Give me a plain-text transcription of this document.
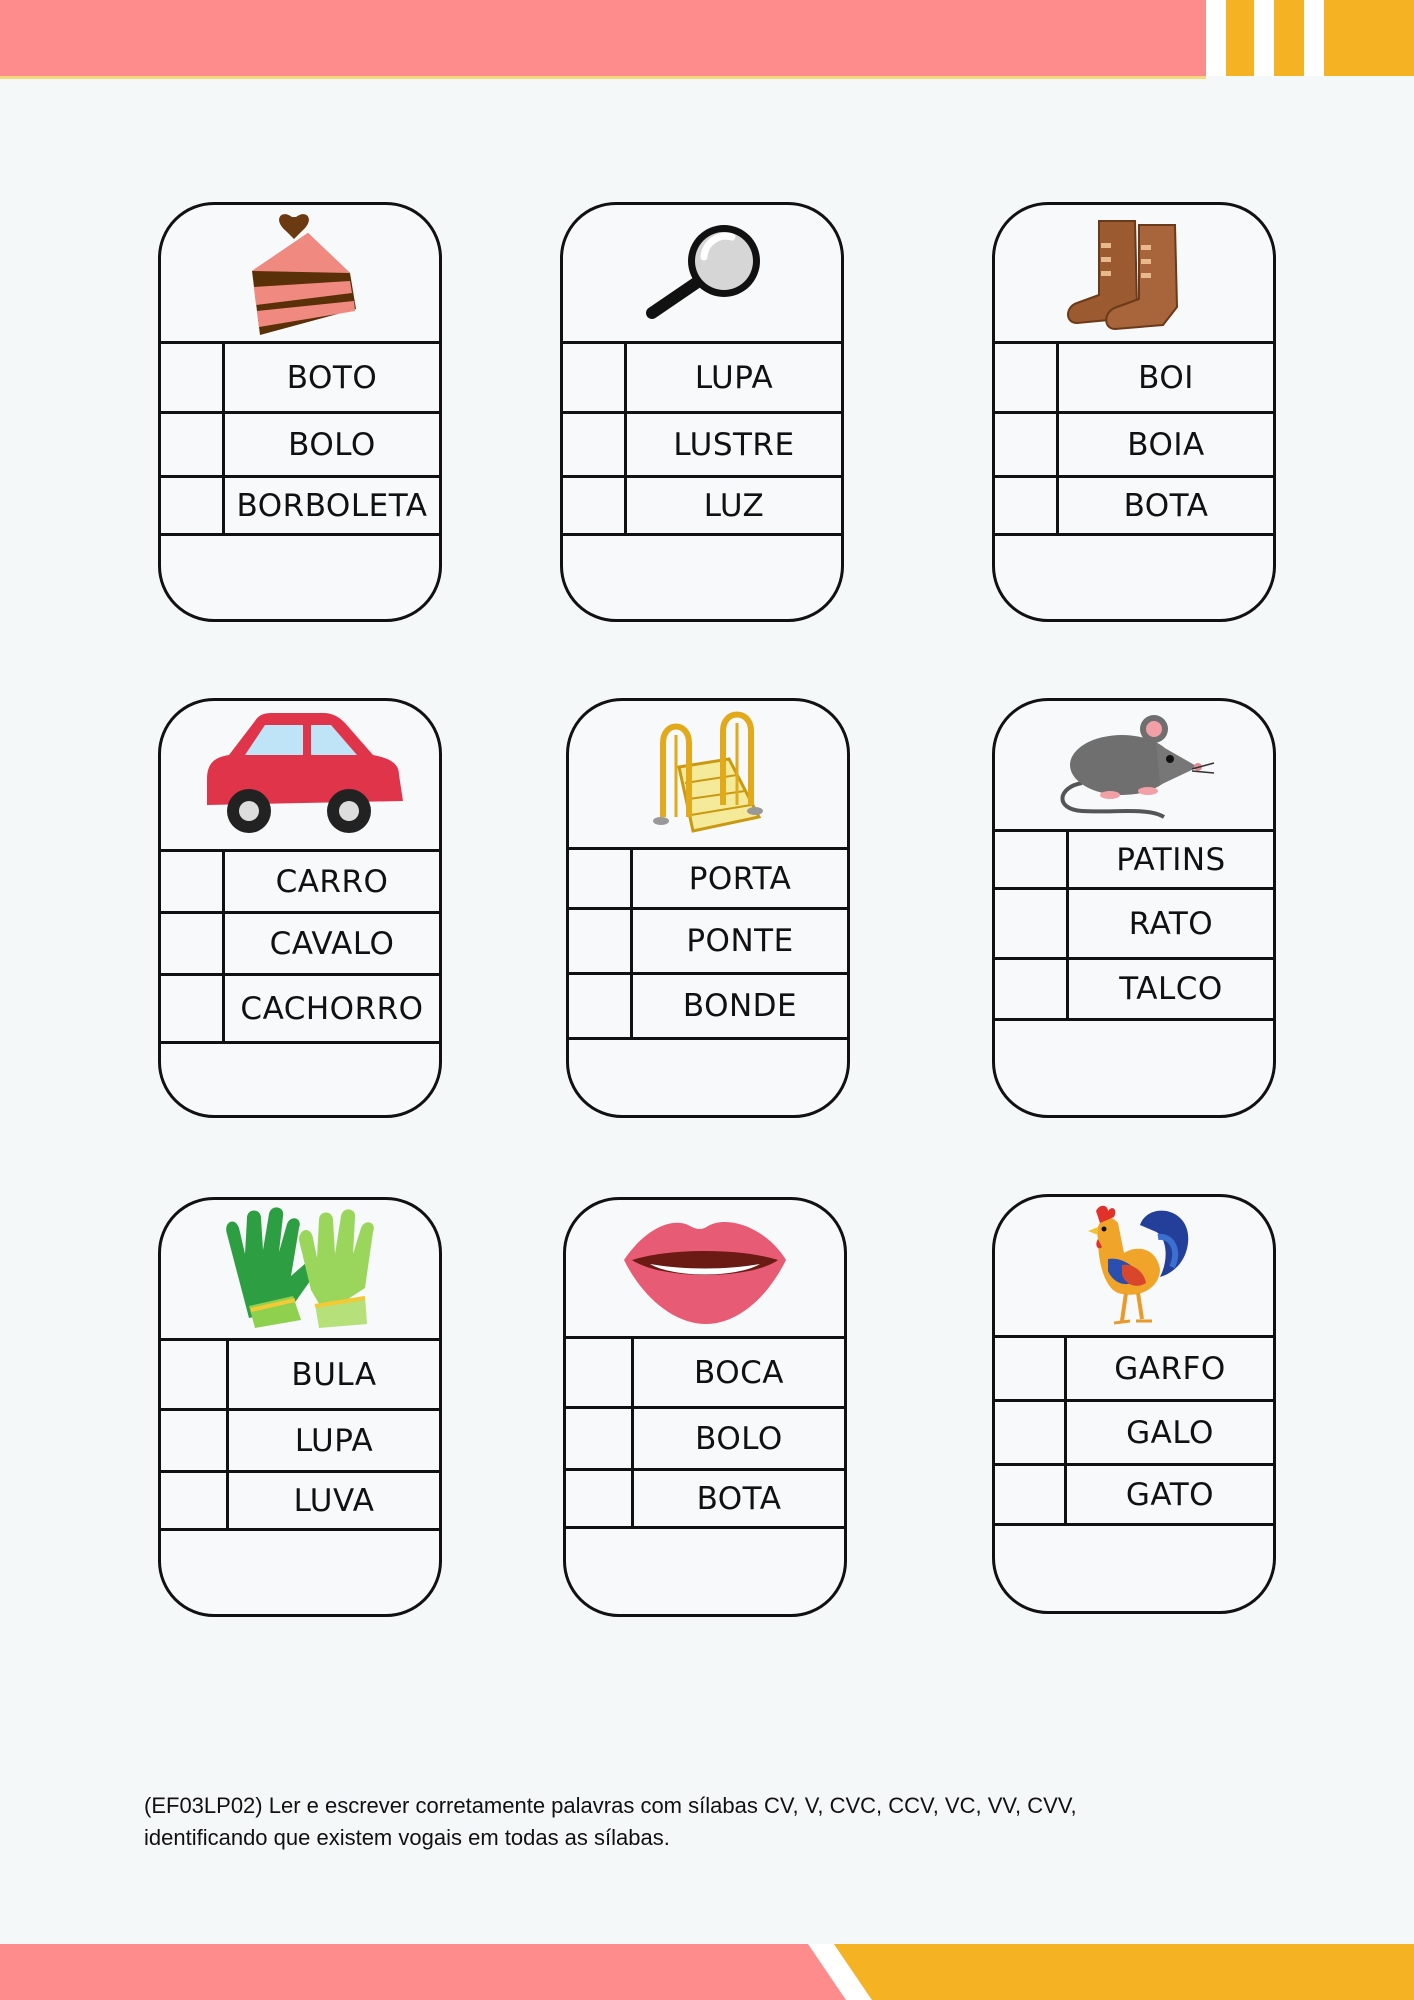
BOTO
BOLO
BORBOLETA
LUPA
LUSTRE
LUZ
BOI
BOIA
BOTA
CARRO
CAVALO
CACHORRO
PORTA
PONTE
BONDE
PATINS
RATO
TALCO
BULA
LUPA
LUVA
BOCA
BOLO
BOTA
GARFO
GALO
GATO
(EF03LP02) Ler e escrever corretamente palavras com sílabas CV, V, CVC, CCV, VC, VV, CVV, identificando que existem vogais em todas as sílabas.
